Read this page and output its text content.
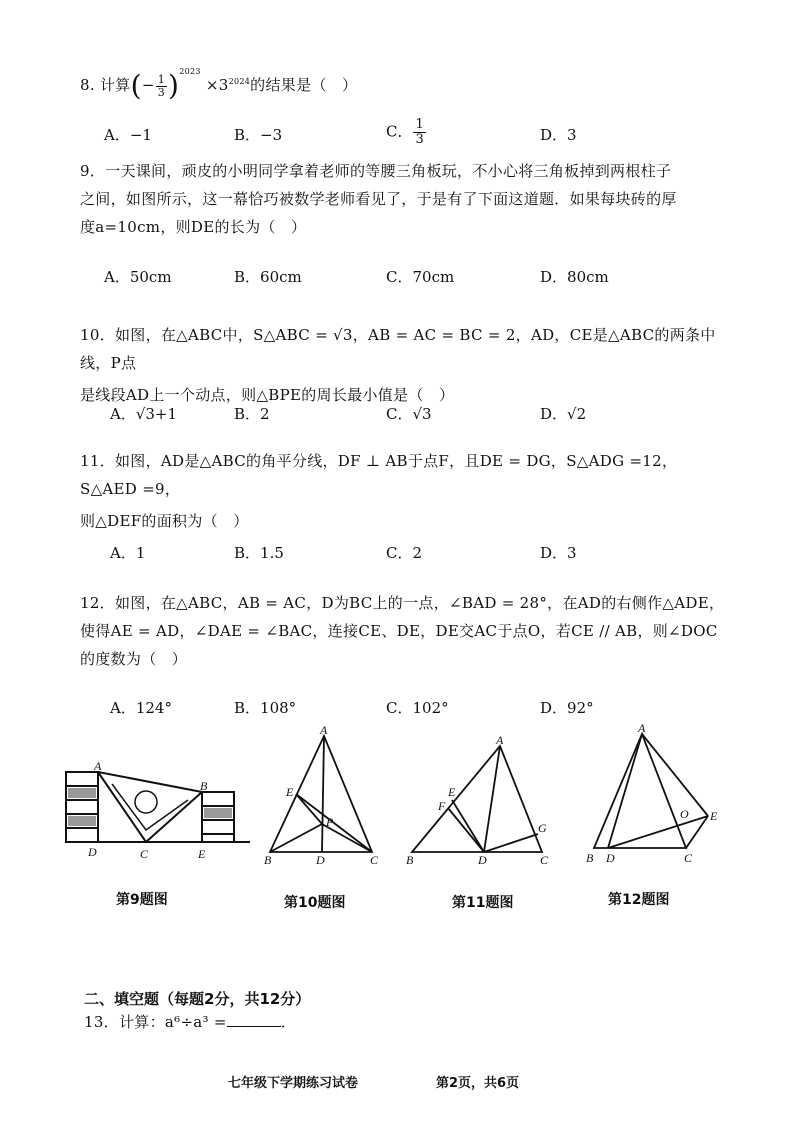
8. 计算(− $\frac{1}{3} )^{2023} \times 3^{2024}$的结果是（　）
A．−1	B．−3	C． $\frac{1}{3}$	D．3
9．一天课间，顽皮的小明同学拿着老师的等腰三角板玩，不小心将三角板掉到两根柱子
之间，如图所示，这一幕恰巧被数学老师看见了，于是有了下面这道题．如果每块砖的厚
度a=10cm，则DE的长为（　）
A．50cm	B．60cm	C．70cm	D．80cm
10．如图，在△ABC中，S△ABC = √3，AB = AC = BC = 2，AD，CE是△ABC的两条中线，P点
是线段AD上一个动点，则△BPE的周长最小值是（　）
A．√3+1	B．2	C．√3	D．√2
11．如图，AD是△ABC的角平分线，DF ⊥ AB于点F，且DE = DG，S△ADG =12，S△AED =9，
则△DEF的面积为（　）
A．1	B．1.5	C．2	D．3
12．如图，在△ABC，AB = AC，D为BC上的一点，∠BAD = 28°，在AD的右侧作△ADE，
使得AE = AD，∠DAE = ∠BAC，连接CE、DE，DE交AC于点O，若CE // AB，则∠DOC
的度数为（　）
A．124°	B．108°	C．102°	D．92°
A
B
D	C	E
A
E
P
B	D	C
A
E
F
G
B	D	C
A
O E
B D	C
第9题图	第10题图	第11题图	第12题图
二、填空题（每题2分，共12分）
13．计算：a⁶÷a³ =	．
七年级下学期练习试卷	第2页，共6页
